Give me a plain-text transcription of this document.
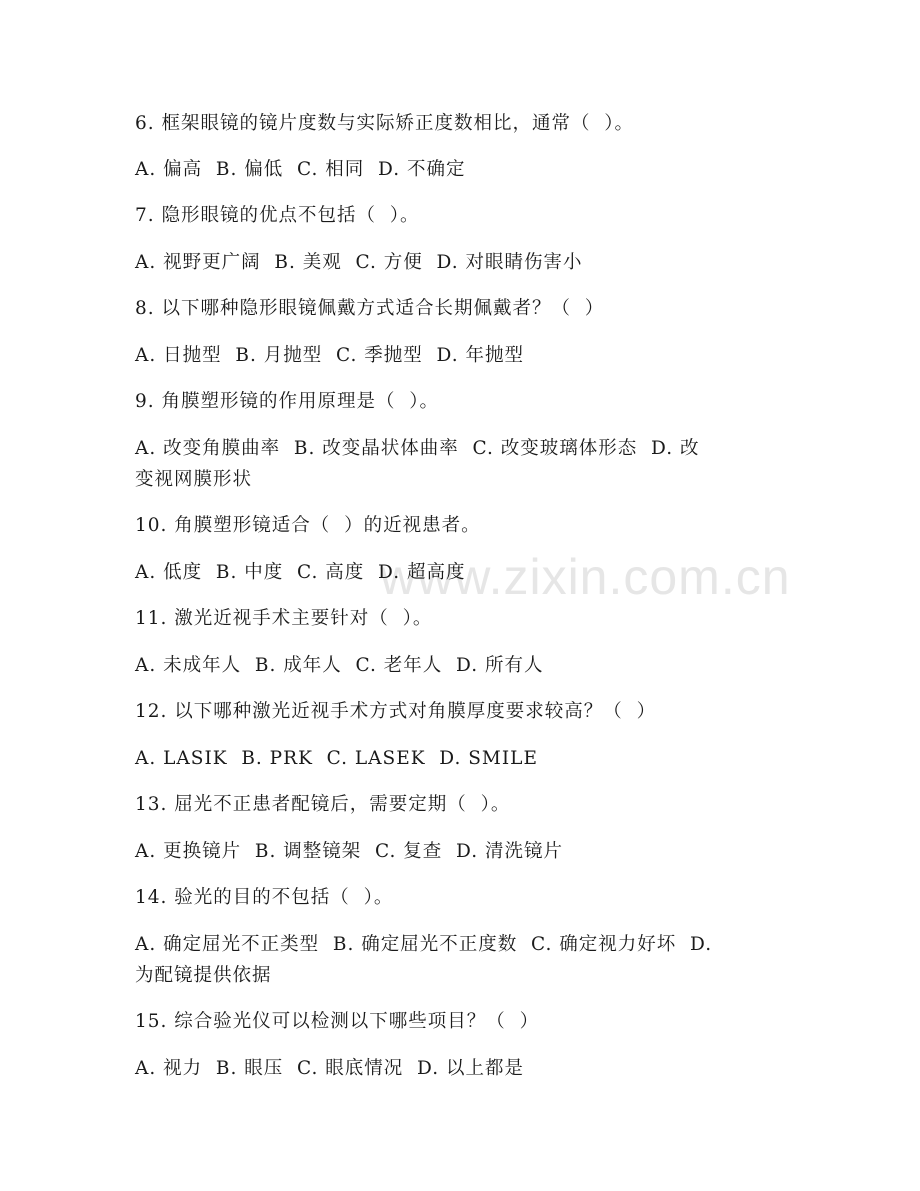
www.zixin.com.cn

6. 框架眼镜的镜片度数与实际矫正度数相比，通常（  ）。

A. 偏高  B. 偏低  C. 相同  D. 不确定

7. 隐形眼镜的优点不包括（  ）。

A. 视野更广阔  B. 美观  C. 方便  D. 对眼睛伤害小

8. 以下哪种隐形眼镜佩戴方式适合长期佩戴者？（  ）

A. 日抛型  B. 月抛型  C. 季抛型  D. 年抛型

9. 角膜塑形镜的作用原理是（  ）。

A. 改变角膜曲率  B. 改变晶状体曲率  C. 改变玻璃体形态  D. 改

变视网膜形状

10. 角膜塑形镜适合（  ）的近视患者。

A. 低度  B. 中度  C. 高度  D. 超高度

11. 激光近视手术主要针对（  ）。

A. 未成年人  B. 成年人  C. 老年人  D. 所有人

12. 以下哪种激光近视手术方式对角膜厚度要求较高？（  ）

A. LASIK  B. PRK  C. LASEK  D. SMILE

13. 屈光不正患者配镜后，需要定期（  ）。

A. 更换镜片  B. 调整镜架  C. 复查  D. 清洗镜片

14. 验光的目的不包括（  ）。

A. 确定屈光不正类型  B. 确定屈光不正度数  C. 确定视力好坏  D.

为配镜提供依据

15. 综合验光仪可以检测以下哪些项目？（  ）

A. 视力  B. 眼压  C. 眼底情况  D. 以上都是
